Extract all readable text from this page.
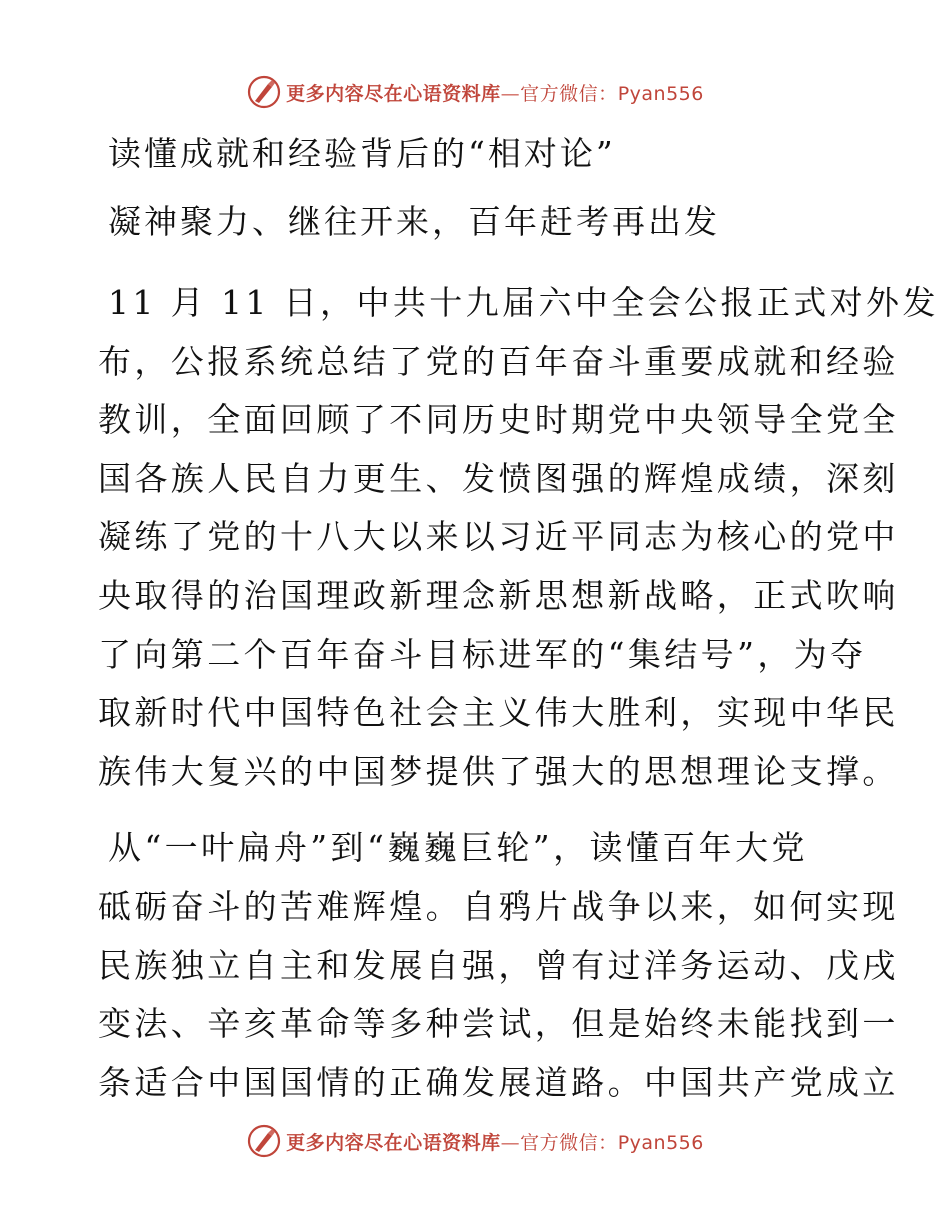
更多内容尽在心语资料库—官方微信：Pyan556
读懂成就和经验背后的“相对论”
凝神聚力、继往开来，百年赶考再出发
11 月 11 日，中共十九届六中全会公报正式对外发
布，公报系统总结了党的百年奋斗重要成就和经验
教训，全面回顾了不同历史时期党中央领导全党全
国各族人民自力更生、发愤图强的辉煌成绩，深刻
凝练了党的十八大以来以习近平同志为核心的党中
央取得的治国理政新理念新思想新战略，正式吹响
了向第二个百年奋斗目标进军的“集结号”，为夺
取新时代中国特色社会主义伟大胜利，实现中华民
族伟大复兴的中国梦提供了强大的思想理论支撑。
从“一叶扁舟”到“巍巍巨轮”，读懂百年大党
砥砺奋斗的苦难辉煌。自鸦片战争以来，如何实现
民族独立自主和发展自强，曾有过洋务运动、戊戌
变法、辛亥革命等多种尝试，但是始终未能找到一
条适合中国国情的正确发展道路。中国共产党成立
更多内容尽在心语资料库—官方微信：Pyan556
